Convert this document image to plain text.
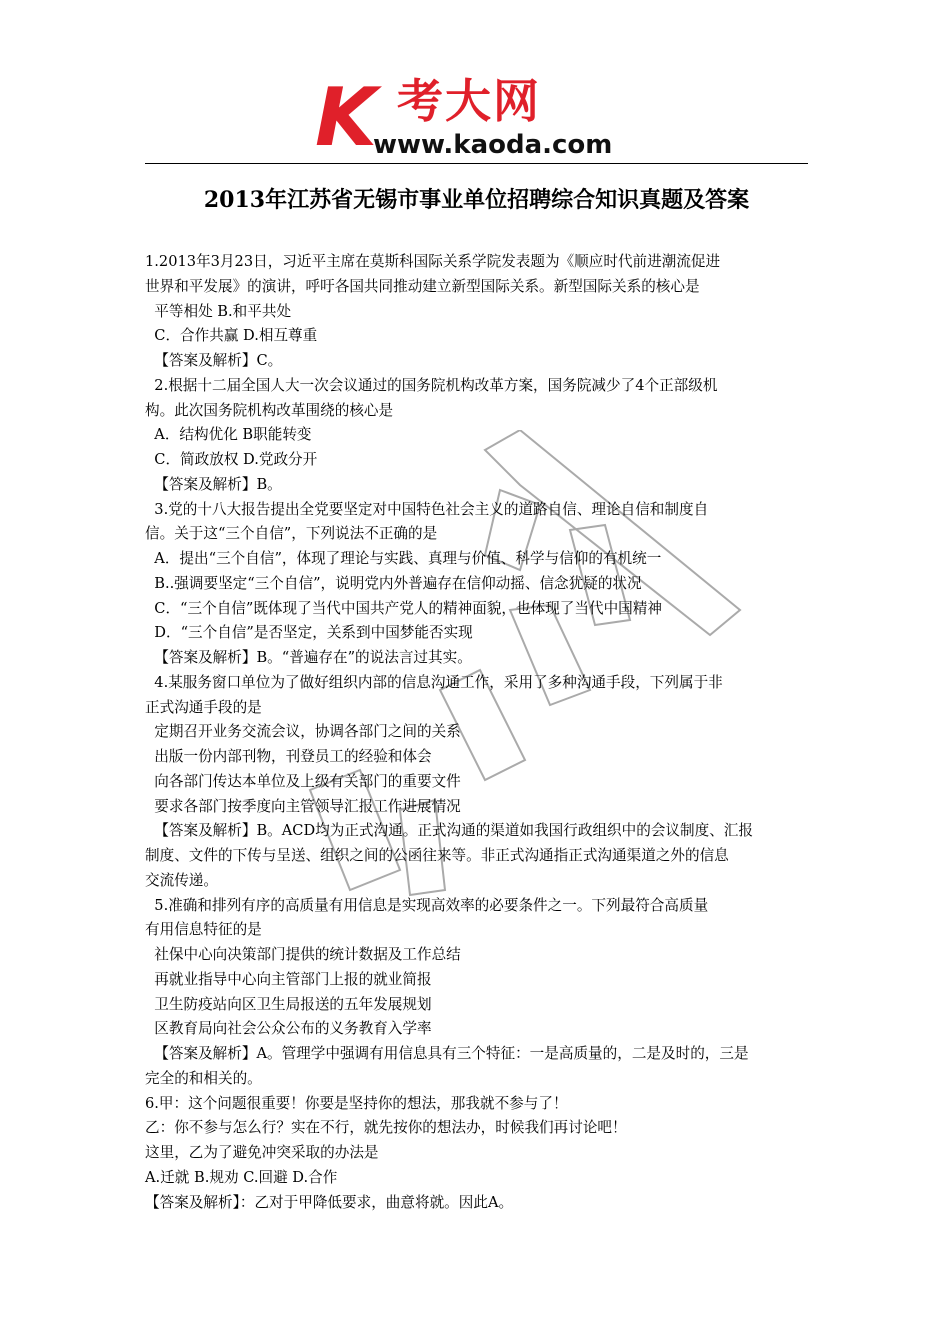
K 考大网
www.kaoda.com
2013年江苏省无锡市事业单位招聘综合知识真题及答案

1.2013年3月23日，习近平主席在莫斯科国际关系学院发表题为《顺应时代前进潮流促进

世界和平发展》的演讲，呼吁各国共同推动建立新型国际关系。新型国际关系的核心是

平等相处 B.和平共处

C．合作共赢 D.相互尊重

【答案及解析】C。

2.根据十二届全国人大一次会议通过的国务院机构改革方案，国务院减少了4个正部级机

构。此次国务院机构改革围绕的核心是

A．结构优化 B职能转变

C．简政放权 D.党政分开

【答案及解析】B。

3.党的十八大报告提出全党要坚定对中国特色社会主义的道路自信、理论自信和制度自

信。关于这“三个自信”，下列说法不正确的是

A．提出“三个自信”，体现了理论与实践、真理与价值、科学与信仰的有机统一

B..强调要坚定“三个自信”，说明党内外普遍存在信仰动摇、信念犹疑的状况

C．“三个自信”既体现了当代中国共产党人的精神面貌，也体现了当代中国精神

D．“三个自信”是否坚定，关系到中国梦能否实现

【答案及解析】B。“普遍存在”的说法言过其实。

4.某服务窗口单位为了做好组织内部的信息沟通工作，采用了多种沟通手段，下列属于非

正式沟通手段的是

定期召开业务交流会议，协调各部门之间的关系

出版一份内部刊物，刊登员工的经验和体会

向各部门传达本单位及上级有关部门的重要文件

要求各部门按季度向主管领导汇报工作进展情况

【答案及解析】B。ACD均为正式沟通。正式沟通的渠道如我国行政组织中的会议制度、汇报

制度、文件的下传与呈送、组织之间的公函往来等。非正式沟通指正式沟通渠道之外的信息

交流传递。

5.准确和排列有序的高质量有用信息是实现高效率的必要条件之一。下列最符合高质量

有用信息特征的是

社保中心向决策部门提供的统计数据及工作总结

再就业指导中心向主管部门上报的就业简报

卫生防疫站向区卫生局报送的五年发展规划

区教育局向社会公众公布的义务教育入学率

【答案及解析】A。管理学中强调有用信息具有三个特征：一是高质量的，二是及时的，三是

完全的和相关的。

6.甲：这个问题很重要！你要是坚持你的想法，那我就不参与了！

乙：你不参与怎么行？实在不行，就先按你的想法办，时候我们再讨论吧！

这里，乙为了避免冲突采取的办法是

A.迁就 B.规劝 C.回避 D.合作

【答案及解析】：乙对于甲降低要求，曲意将就。因此A。
